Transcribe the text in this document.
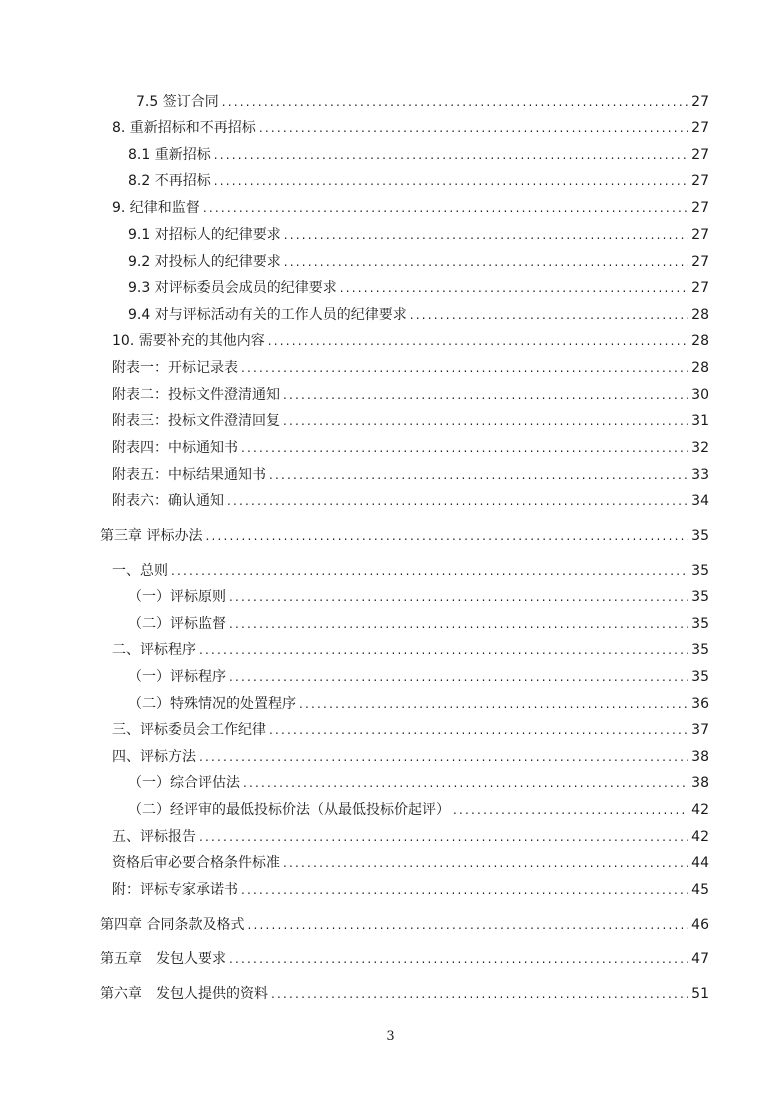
7.5 签订合同 .....	27
8. 重新招标和不再招标 .....	27
8.1 重新招标 .....	27
8.2 不再招标 .....	27
9. 纪律和监督 .....	27
9.1 对招标人的纪律要求 .....	27
9.2 对投标人的纪律要求 .....	27
9.3 对评标委员会成员的纪律要求 .....	27
9.4 对与评标活动有关的工作人员的纪律要求 .....	28
10. 需要补充的其他内容 .....	28
附表一：开标记录表 .....	28
附表二：投标文件澄清通知 .....	30
附表三：投标文件澄清回复 .....	31
附表四：中标通知书 .....	32
附表五：中标结果通知书 .....	33
附表六：确认通知 .....	34
第三章 评标办法 .....	35
一、总则 .....	35
（一）评标原则 .....	35
（二）评标监督 .....	35
二、评标程序 .....	35
（一）评标程序 .....	35
（二）特殊情况的处置程序 .....	36
三、评标委员会工作纪律 .....	37
四、评标方法 .....	38
（一）综合评估法 .....	38
（二）经评审的最低投标价法（从最低投标价起评） .....	42
五、评标报告 .....	42
资格后审必要合格条件标准 .....	44
附：评标专家承诺书 .....	45
第四章 合同条款及格式 .....	46
第五章　发包人要求 .....	47
第六章　发包人提供的资料 .....	51
3
